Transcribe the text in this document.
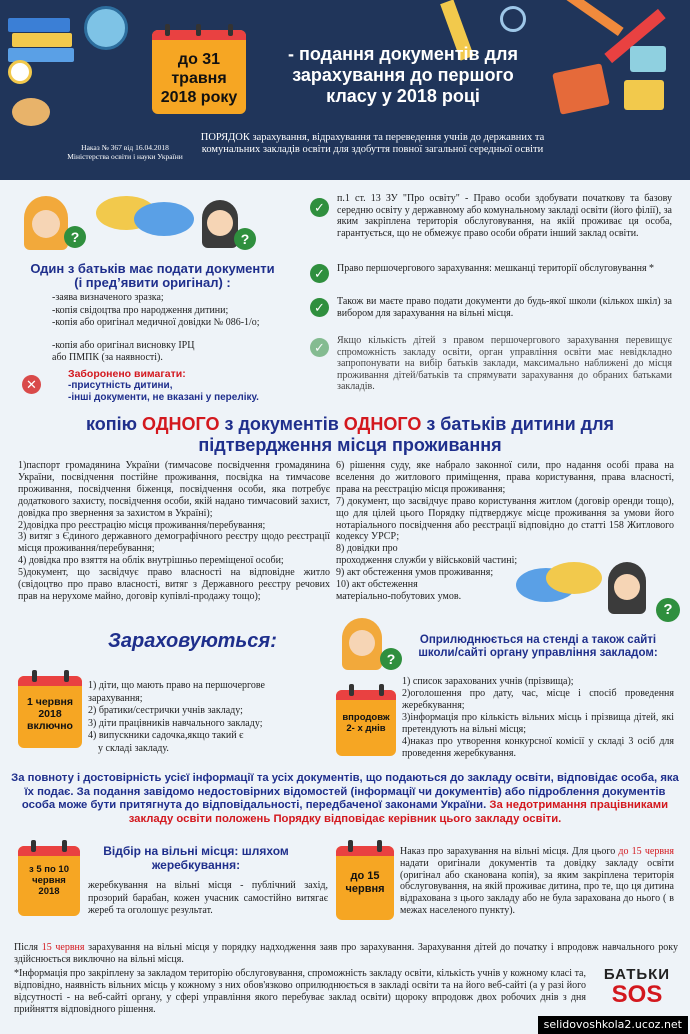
до 31 травня 2018 року
- подання документів для зарахування до першого класу у 2018 році
Наказ № 367 від 16.04.2018 Міністерства освіти і науки України
ПОРЯДОК зарахування, відрахування та переведення учнів до державних та комунальних закладів освіти для здобуття повної загальної середньої освіти
?	?
Один з батьків має подати документи (і пред’явити оригінал) :
-заява визначеного зразка;
-копія свідоцтва про народження дитини;
-копія або оригінал медичної довідки № 086-1/о;
-копія або оригінал висновку ІРЦ
або ПМПК (за наявності).
✕
Заборонено вимагати:
-присутність дитини,
-інші документи, не вказані у переліку.
✓
п.1 ст. 13 ЗУ "Про освіту" - Право особи здобувати початкову та базову середню освіту у державному або комунальному закладі освіти (його філії), за яким закріплена територія обслуговування, на якій проживає ця особа, гарантується, що не обмежує право особи обрати інший заклад освіти.
✓	Право першочергового зарахування: мешканці території обслуговування *
✓	Також ви маєте право подати документи до будь-якої школи (кількох шкіл) за вибором для зарахування на вільні місця.
✓	Якщо кількість дітей з правом першочергового зарахування перевищує спроможність закладу освіти, орган управління освіти має невідкладно запропонувати на вибір батьків заклади, максимально наближені до місця проживання дітей/батьків та спрямувати зарахування до обраних батьками закладів.
копію ОДНОГО з документів ОДНОГО з батьків дитини для
підтвердження місця проживання
1)паспорт громадянина України (тимчасове посвідчення громадянина України, посвідчення постійне проживання, посвідка на тимчасове проживання, посвідчення біженця, посвідчення особи, яка потребує додаткового захисту, посвідчення особи, якій надано тимчасовий захист, довідка про звернення за захистом в Україні);
2)довідка про реєстрацію місця проживання/перебування;
3) витяг з Єдиного державного демографічного реєстру щодо реєстрації місця проживання/перебування;
4) довідка про взяття на облік внутрішньо переміщеної особи;
5)документ, що засвідчує право власності на відповідне житло (свідоцтво про право власності, витяг з Державного реєстру речових прав на нерухоме майно, договір купівлі-продажу тощо);
6) рішення суду, яке набрало законної сили, про надання особі права на вселення до житлового приміщення, права користування, права власності, права на реєстрацію місця проживання;
7) документ, що засвідчує право користування житлом (договір оренди тощо), що для цілей цього Порядку підтверджує місце проживання за умови його нотаріального посвідчення або реєстрації відповідно до статті 158 Житлового кодексу УРСР;
8) довідки про
проходження служби у військовій частині;
9) акт обстеження умов проживання;
10) акт обстеження
матеріально-побутових умов.
?
Зараховуються:
1 червня 2018 включно
1) діти, що мають право на першочергове зарахування;
2) братики/сестрички учнів закладу;
3) діти працівників навчального закладу;
4) випускники садочка,якщо такий є
у складі закладу.
?
Оприлюднюється на стенді а також сайті школи/сайті органу управління закладом:
впродовж 2- х днів
1) список зарахованих учнів (прізвища);
2)оголошення про дату, час, місце і спосіб проведення жеребкування;
3)інформація про кількість вільних місць і прізвища дітей, які претендують на вільні місця;
4)наказ про утворення конкурсної комісії у складі 3 осіб для проведення жеребкування.
За повноту і достовірність усієї інформації та усіх документів, що подаються до закладу освіти, відповідає особа, яка їх подає. За подання завідомо недостовірних відомостей (інформації чи документів) або підроблення документів особа може бути притягнута до відповідальності, передбаченої законами України. За недотримання працівниками закладу освіти положень Порядку відповідає керівник цього закладу освіти.
з 5 по 10 червня 2018
Відбір на вільні місця: шляхом жеребкування:
жеребкування на вільні місця - публічний захід, прозорий барабан, кожен учасник самостійно витягає жереб та оголошує результат.
до 15 червня
Наказ про зарахування на вільні місця. Для цього до 15 червня надати оригінали документів та довідку закладу освіти (оригінал або сканована копія), за яким закріплена територія обслуговування, на якій проживає дитина, про те, що ця дитина відрахована з цього закладу або не була зарахована до нього ( в межах населеного пункту).
Після 15 червня зарахування на вільні місця у порядку надходження заяв про зарахування. Зарахування дітей до початку і впродовж навчального року здійснюється виключно на вільні місця.
*Інформація про закріплену за закладом територію обслуговування, спроможність закладу освіти, кількість учнів у кожному класі та, відповідно, наявність вільних місць у кожному з них обов'язково оприлюднюється в закладі освіти та на його веб-сайті (а у разі його відсутності - на веб-сайті органу, у сфері управління якого перебуває заклад освіти) щороку впродовж двох робочих днів з дня прийняття відповідного рішення.
БАТЬКИ
SOS
selidovoshkola2.ucoz.net
